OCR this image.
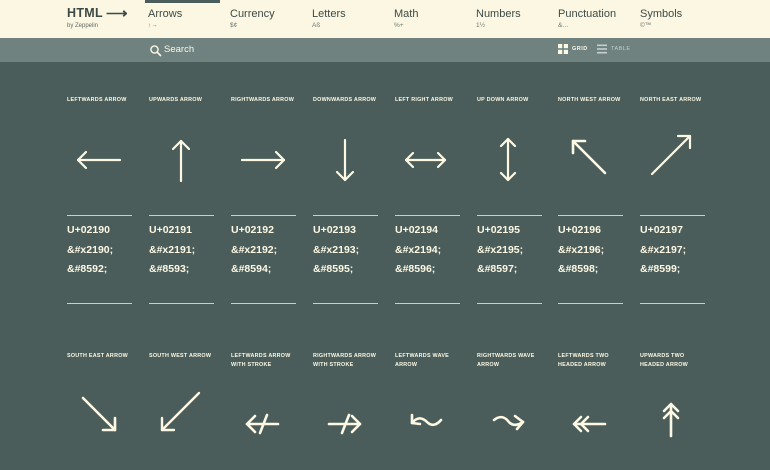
HTML ⟶
by Zeppelin
Arrows
↑→
Currency
$¢
Letters
Aß
Math
%+
Numbers
1½
Punctuation
&…
Symbols
©™
Search	GRID	TABLE
LEFTWARDS ARROW
U+02190
&#x2190;
&#8592;
UPWARDS ARROW
U+02191
&#x2191;
&#8593;
RIGHTWARDS ARROW
U+02192
&#x2192;
&#8594;
DOWNWARDS ARROW
U+02193
&#x2193;
&#8595;
LEFT RIGHT ARROW
U+02194
&#x2194;
&#8596;
UP DOWN ARROW
U+02195
&#x2195;
&#8597;
NORTH WEST ARROW
U+02196
&#x2196;
&#8598;
NORTH EAST ARROW
U+02197
&#x2197;
&#8599;
SOUTH EAST ARROW	SOUTH WEST ARROW	LEFTWARDS ARROW WITH STROKE
RIGHTWARDS ARROW WITH STROKE
LEFTWARDS WAVE ARROW
RIGHTWARDS WAVE ARROW
LEFTWARDS TWO HEADED ARROW
UPWARDS TWO HEADED ARROW
